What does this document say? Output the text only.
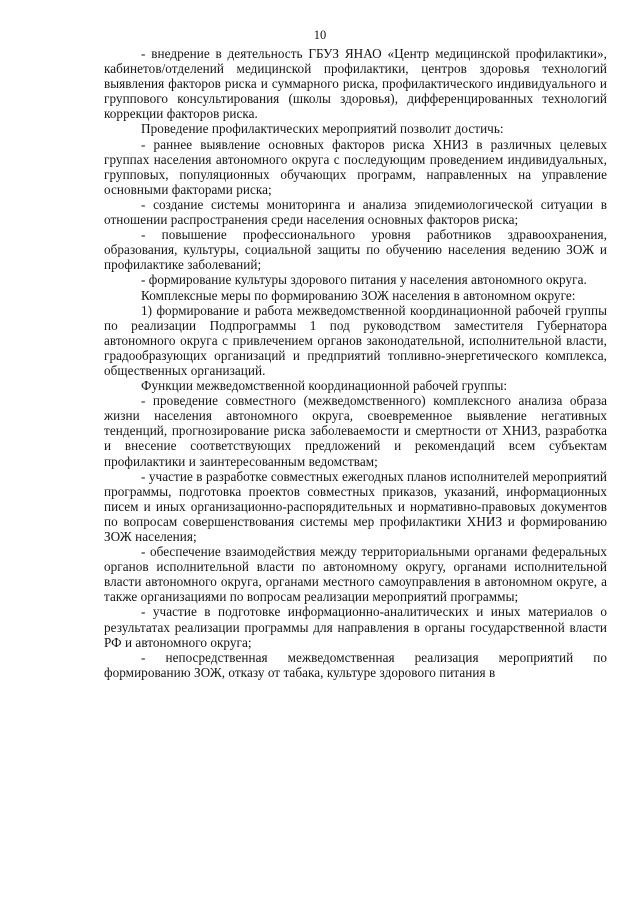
10

- внедрение в деятельность ГБУЗ ЯНАО «Центр медицинской профилактики», кабинетов/отделений медицинской профилактики, центров здоровья технологий выявления факторов риска и суммарного риска, профилактического индивидуального и группового консультирования (школы здоровья), дифференцированных технологий коррекции факторов риска.

Проведение профилактических мероприятий позволит достичь:

- раннее выявление основных факторов риска ХНИЗ в различных целевых группах населения автономного округа с последующим проведением индивидуальных, групповых, популяционных обучающих программ, направленных на управление основными факторами риска;

- создание системы мониторинга и анализа эпидемиологической ситуации в отношении распространения среди населения основных факторов риска;

- повышение профессионального уровня работников здравоохранения, образования, культуры, социальной защиты по обучению населения ведению ЗОЖ и профилактике заболеваний;

- формирование культуры здорового питания у населения автономного округа.

Комплексные меры по формированию ЗОЖ населения в автономном округе:

1) формирование и работа межведомственной координационной рабочей группы по реализации Подпрограммы 1 под руководством заместителя Губернатора автономного округа с привлечением органов законодательной, исполнительной власти, градообразующих организаций и предприятий топливно-энергетического комплекса, общественных организаций.

Функции межведомственной координационной рабочей группы:

- проведение совместного (межведомственного) комплексного анализа образа жизни населения автономного округа, своевременное выявление негативных тенденций, прогнозирование риска заболеваемости и смертности от ХНИЗ, разработка и внесение соответствующих предложений и рекомендаций всем субъектам профилактики и заинтересованным ведомствам;

- участие в разработке совместных ежегодных планов исполнителей мероприятий программы, подготовка проектов совместных приказов, указаний, информационных писем и иных организационно-распорядительных и нормативно-правовых документов по вопросам совершенствования системы мер профилактики ХНИЗ и формированию ЗОЖ населения;

- обеспечение взаимодействия между территориальными органами федеральных органов исполнительной власти по автономному округу, органами исполнительной власти автономного округа, органами местного самоуправления в автономном округе, а также организациями по вопросам реализации мероприятий программы;

- участие в подготовке информационно-аналитических и иных материалов о результатах реализации программы для направления в органы государственной власти РФ и автономного округа;

- непосредственная межведомственная реализация мероприятий по формированию ЗОЖ, отказу от табака, культуре здорового питания в
